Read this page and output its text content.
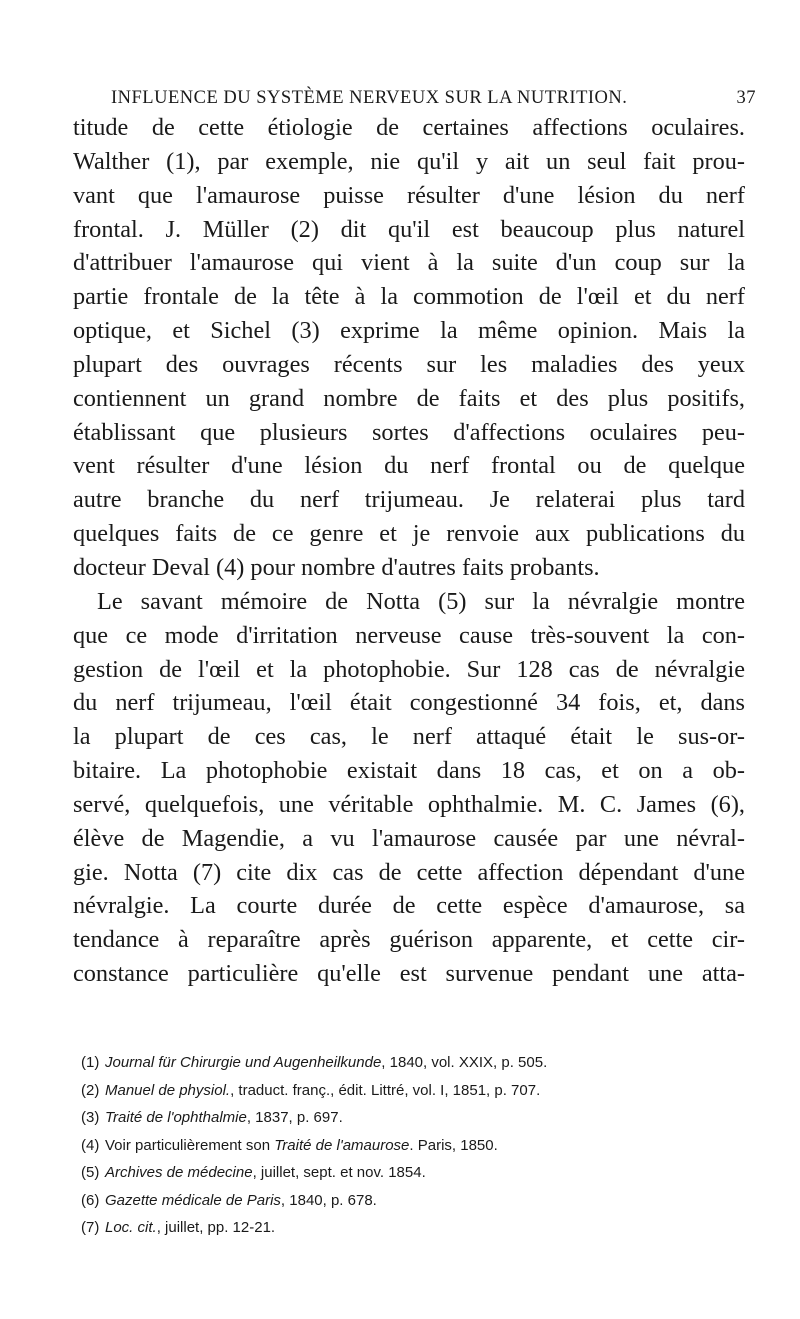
INFLUENCE DU SYSTÈME NERVEUX SUR LA NUTRITION.	37
titude de cette étiologie de certaines affections oculaires.
Walther (1), par exemple, nie qu'il y ait un seul fait prou-
vant que l'amaurose puisse résulter d'une lésion du nerf
frontal. J. Müller (2) dit qu'il est beaucoup plus naturel
d'attribuer l'amaurose qui vient à la suite d'un coup sur la
partie frontale de la tête à la commotion de l'œil et du nerf
optique, et Sichel (3) exprime la même opinion. Mais la
plupart des ouvrages récents sur les maladies des yeux
contiennent un grand nombre de faits et des plus positifs,
établissant que plusieurs sortes d'affections oculaires peu-
vent résulter d'une lésion du nerf frontal ou de quelque
autre branche du nerf trijumeau. Je relaterai plus tard
quelques faits de ce genre et je renvoie aux publications du
docteur Deval (4) pour nombre d'autres faits probants.
Le savant mémoire de Notta (5) sur la névralgie montre
que ce mode d'irritation nerveuse cause très-souvent la con-
gestion de l'œil et la photophobie. Sur 128 cas de névralgie
du nerf trijumeau, l'œil était congestionné 34 fois, et, dans
la plupart de ces cas, le nerf attaqué était le sus-or-
bitaire. La photophobie existait dans 18 cas, et on a ob-
servé, quelquefois, une véritable ophthalmie. M. C. James (6),
élève de Magendie, a vu l'amaurose causée par une névral-
gie. Notta (7) cite dix cas de cette affection dépendant d'une
névralgie. La courte durée de cette espèce d'amaurose, sa
tendance à reparaître après guérison apparente, et cette cir-
constance particulière qu'elle est survenue pendant une atta-
(1) Journal für Chirurgie und Augenheilkunde, 1840, vol. XXIX, p. 505.
(2) Manuel de physiol., traduct. franç., édit. Littré, vol. I, 1851, p. 707.
(3) Traité de l'ophthalmie, 1837, p. 697.
(4) Voir particulièrement son Traité de l'amaurose. Paris, 1850.
(5) Archives de médecine, juillet, sept. et nov. 1854.
(6) Gazette médicale de Paris, 1840, p. 678.
(7) Loc. cit., juillet, pp. 12-21.
